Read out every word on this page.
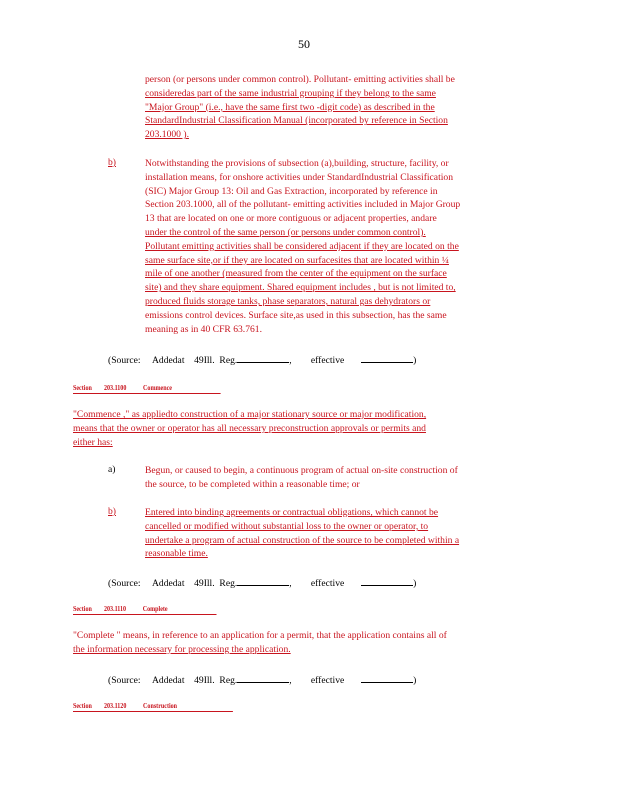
50
person (or persons under common control). Pollutant- emitting activities shall be
consideredas part of the same industrial grouping if they belong to the same
"Major Group" (i.e., have the same first two -digit code) as described in the
StandardIndustrial Classification Manual (incorporated by reference in Section
203.1000 ).
b)	Notwithstanding the provisions of subsection (a),building, structure, facility, or
installation means, for onshore activities under StandardIndustrial Classification
(SIC) Major Group 13: Oil and Gas Extraction, incorporated by reference in
Section 203.1000, all of the pollutant- emitting activities included in Major Group
13 that are located on one or more contiguous or adjacent properties, andare
under the control of the same person (or persons under common control).
Pollutant emitting activities shall be considered adjacent if they are located on the
same surface site,or if they are located on surfacesites that are located within ¼
mile of one another (measured from the center of the equipment on the surface
site) and they share equipment. Shared equipment includes , but is not limited to,
produced fluids storage tanks, phase separators, natural gas dehydrators or
emissions control devices. Surface site,as used in this subsection, has the same
meaning as in 40 CFR 63.761.
(Source: Addedat 49Ill. Reg.	, effective	)
Section 203.1100 Commence
"Commence ," as appliedto construction of a major stationary source or major modification,
means that the owner or operator has all necessary preconstruction approvals or permits and
either has:
a)	Begun, or caused to begin, a continuous program of actual on-site construction of
the source, to be completed within a reasonable time; or
b)	Entered into binding agreements or contractual obligations, which cannot be
cancelled or modified without substantial loss to the owner or operator, to
undertake a program of actual construction of the source to be completed within a
reasonable time.
(Source: Addedat 49Ill. Reg.	, effective	)
Section 203.1110 Complete
"Complete " means, in reference to an application for a permit, that the application contains all of
the information necessary for processing the application.
(Source: Addedat 49Ill. Reg.	, effective	)
Section 203.1120 Construction
